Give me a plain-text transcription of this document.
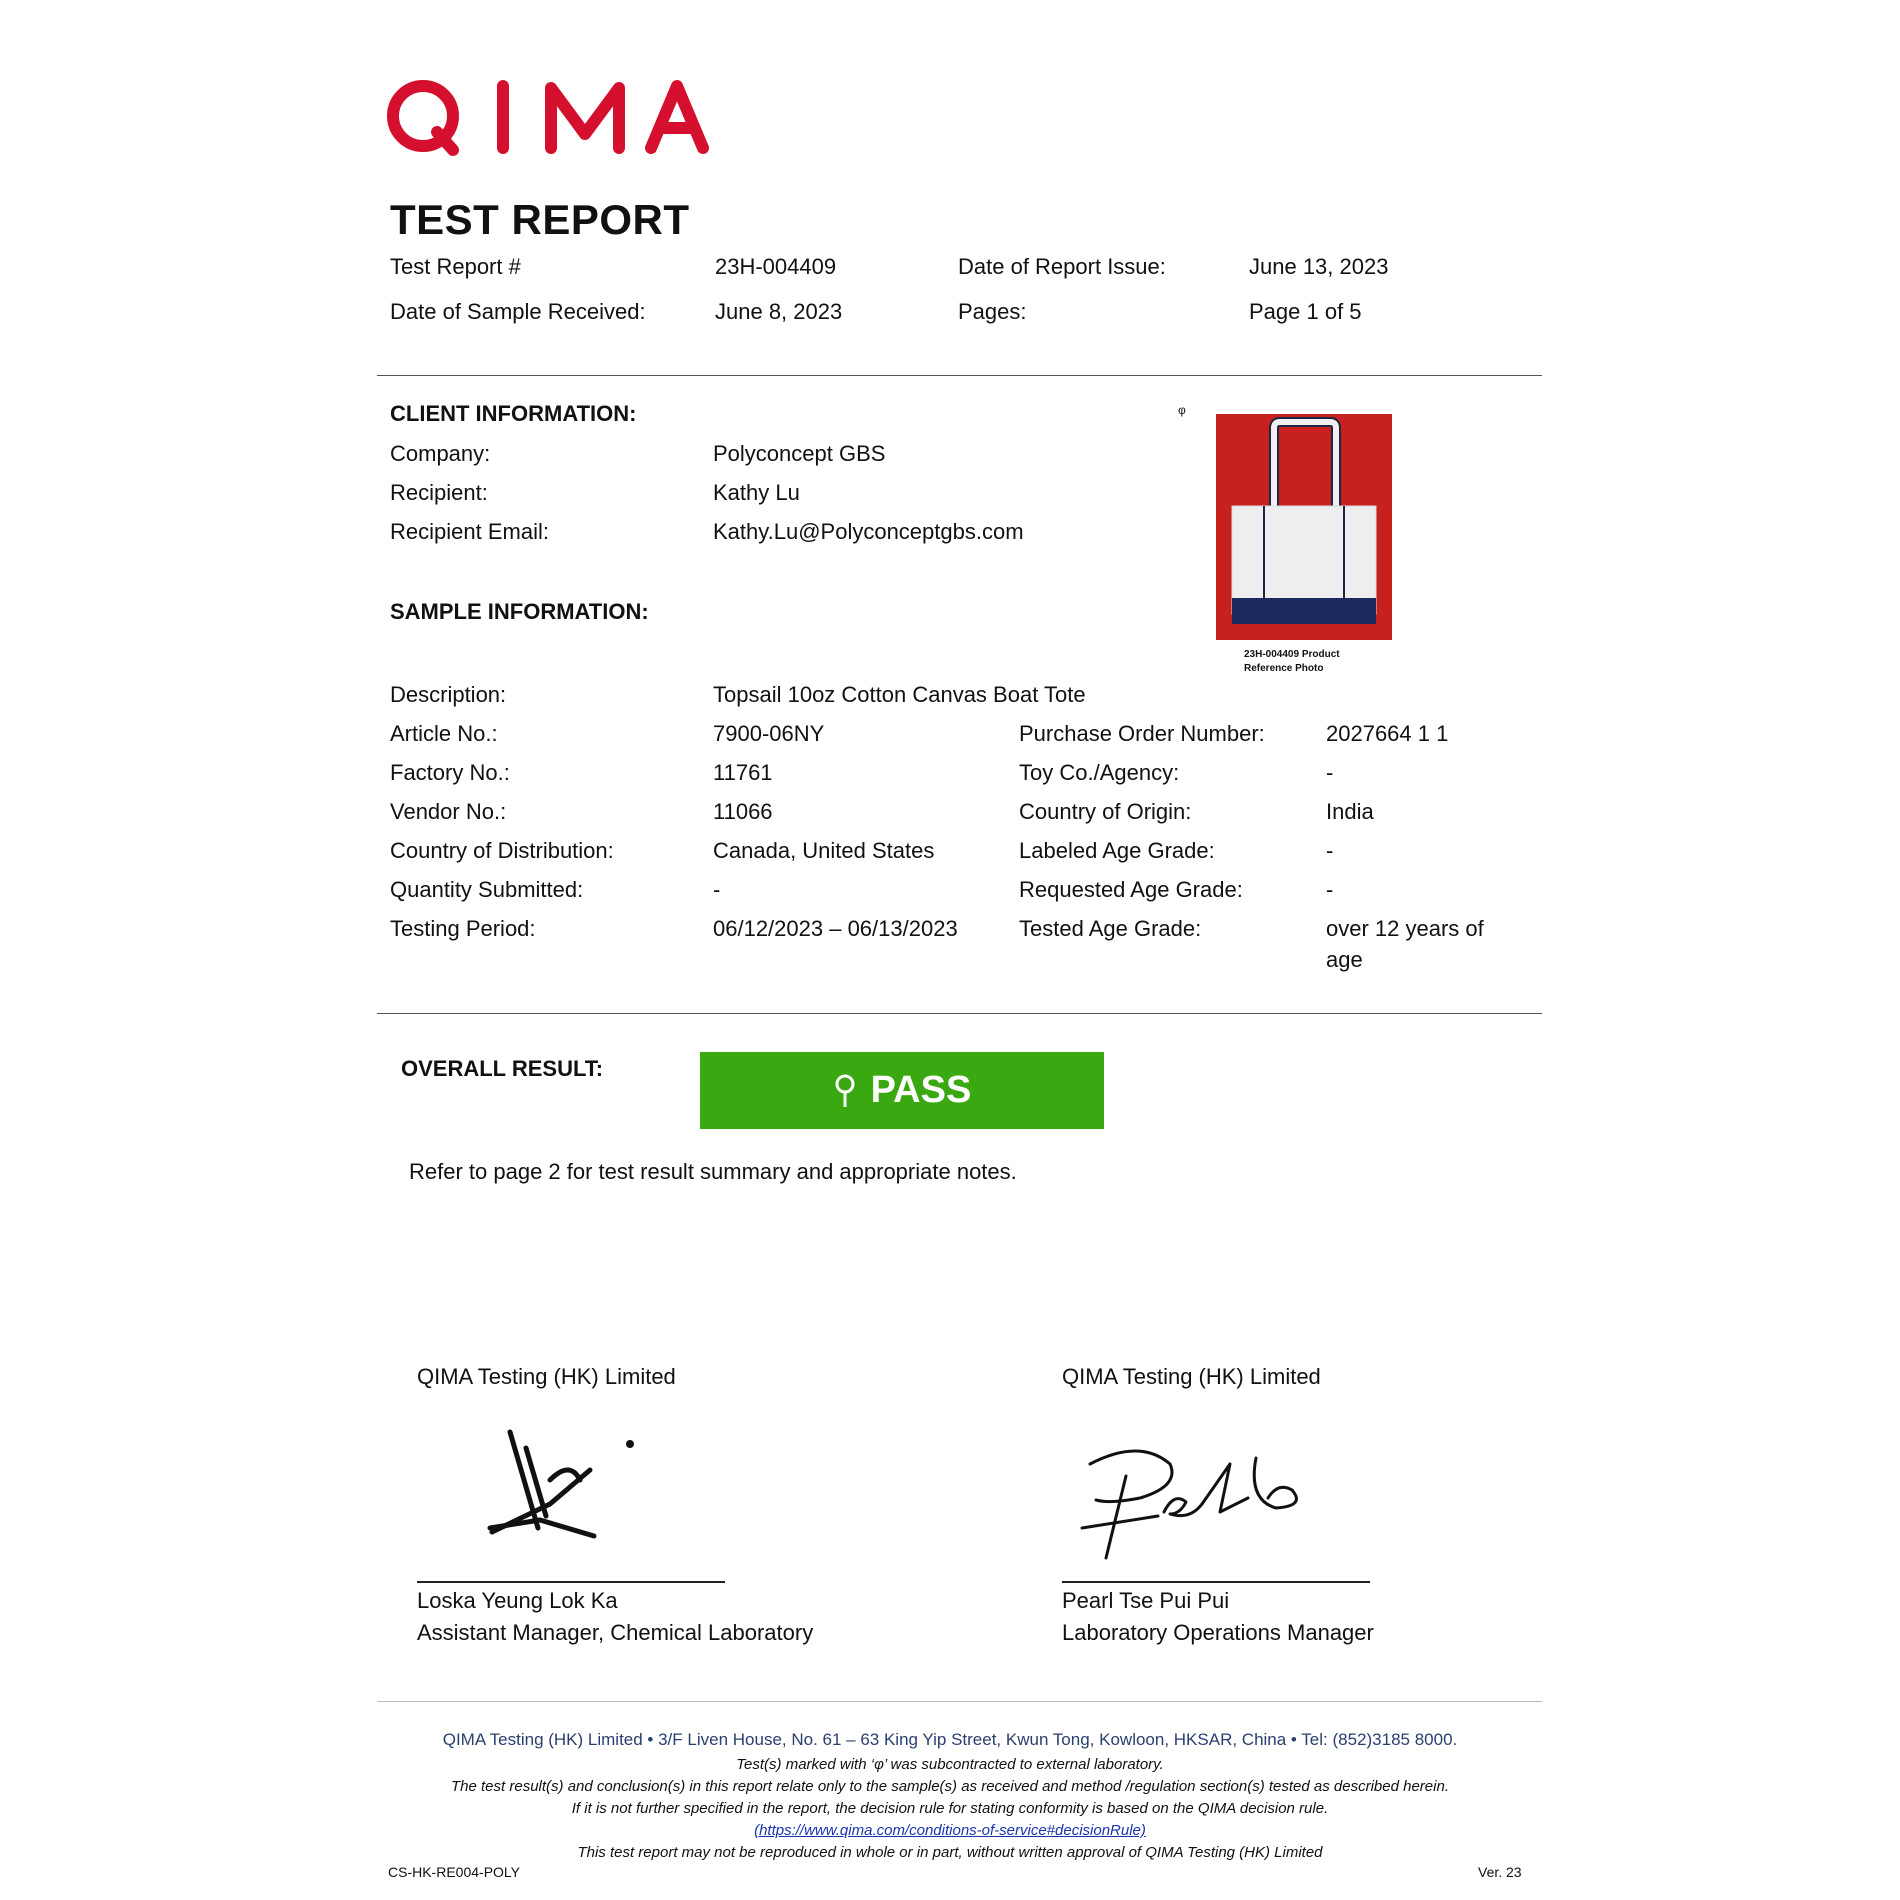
TEST REPORT
Test Report #	23H-004409	Date of Report Issue:	June 13, 2023
Date of Sample Received:	June 8, 2023	Pages:	Page 1 of 5
CLIENT INFORMATION:
Company:	Polyconcept GBS
Recipient:	Kathy Lu
Recipient Email:	Kathy.Lu@Polyconceptgbs.com
φ
23H-004409 Product
Reference Photo
SAMPLE INFORMATION:
Description:	Topsail 10oz Cotton Canvas Boat Tote
Article No.:	7900-06NY	Purchase Order Number:	2027664 1 1
Factory No.:	11761	Toy Co./Agency:	-
Vendor No.:	11066	Country of Origin:	India
Country of Distribution:	Canada, United States	Labeled Age Grade:	-
Quantity Submitted:	-	Requested Age Grade:	-
Testing Period:	06/12/2023 – 06/13/2023	Tested Age Grade:	over 12 years of
age
OVERALL RESULT:
PASS
Refer to page 2 for test result summary and appropriate notes.
QIMA Testing (HK) Limited
Loska Yeung Lok Ka
Assistant Manager, Chemical Laboratory
QIMA Testing (HK) Limited
Pearl Tse Pui Pui
Laboratory Operations Manager
QIMA Testing (HK) Limited • 3/F Liven House, No. 61 – 63 King Yip Street, Kwun Tong, Kowloon, HKSAR, China • Tel: (852)3185 8000.
Test(s) marked with ‘φ’ was subcontracted to external laboratory.
The test result(s) and conclusion(s) in this report relate only to the sample(s) as received and method /regulation section(s) tested as described herein.
If it is not further specified in the report, the decision rule for stating conformity is based on the QIMA decision rule.
(https://www.qima.com/conditions-of-service#decisionRule)
This test report may not be reproduced in whole or in part, without written approval of QIMA Testing (HK) Limited
CS-HK-RE004-POLY	Ver. 23
